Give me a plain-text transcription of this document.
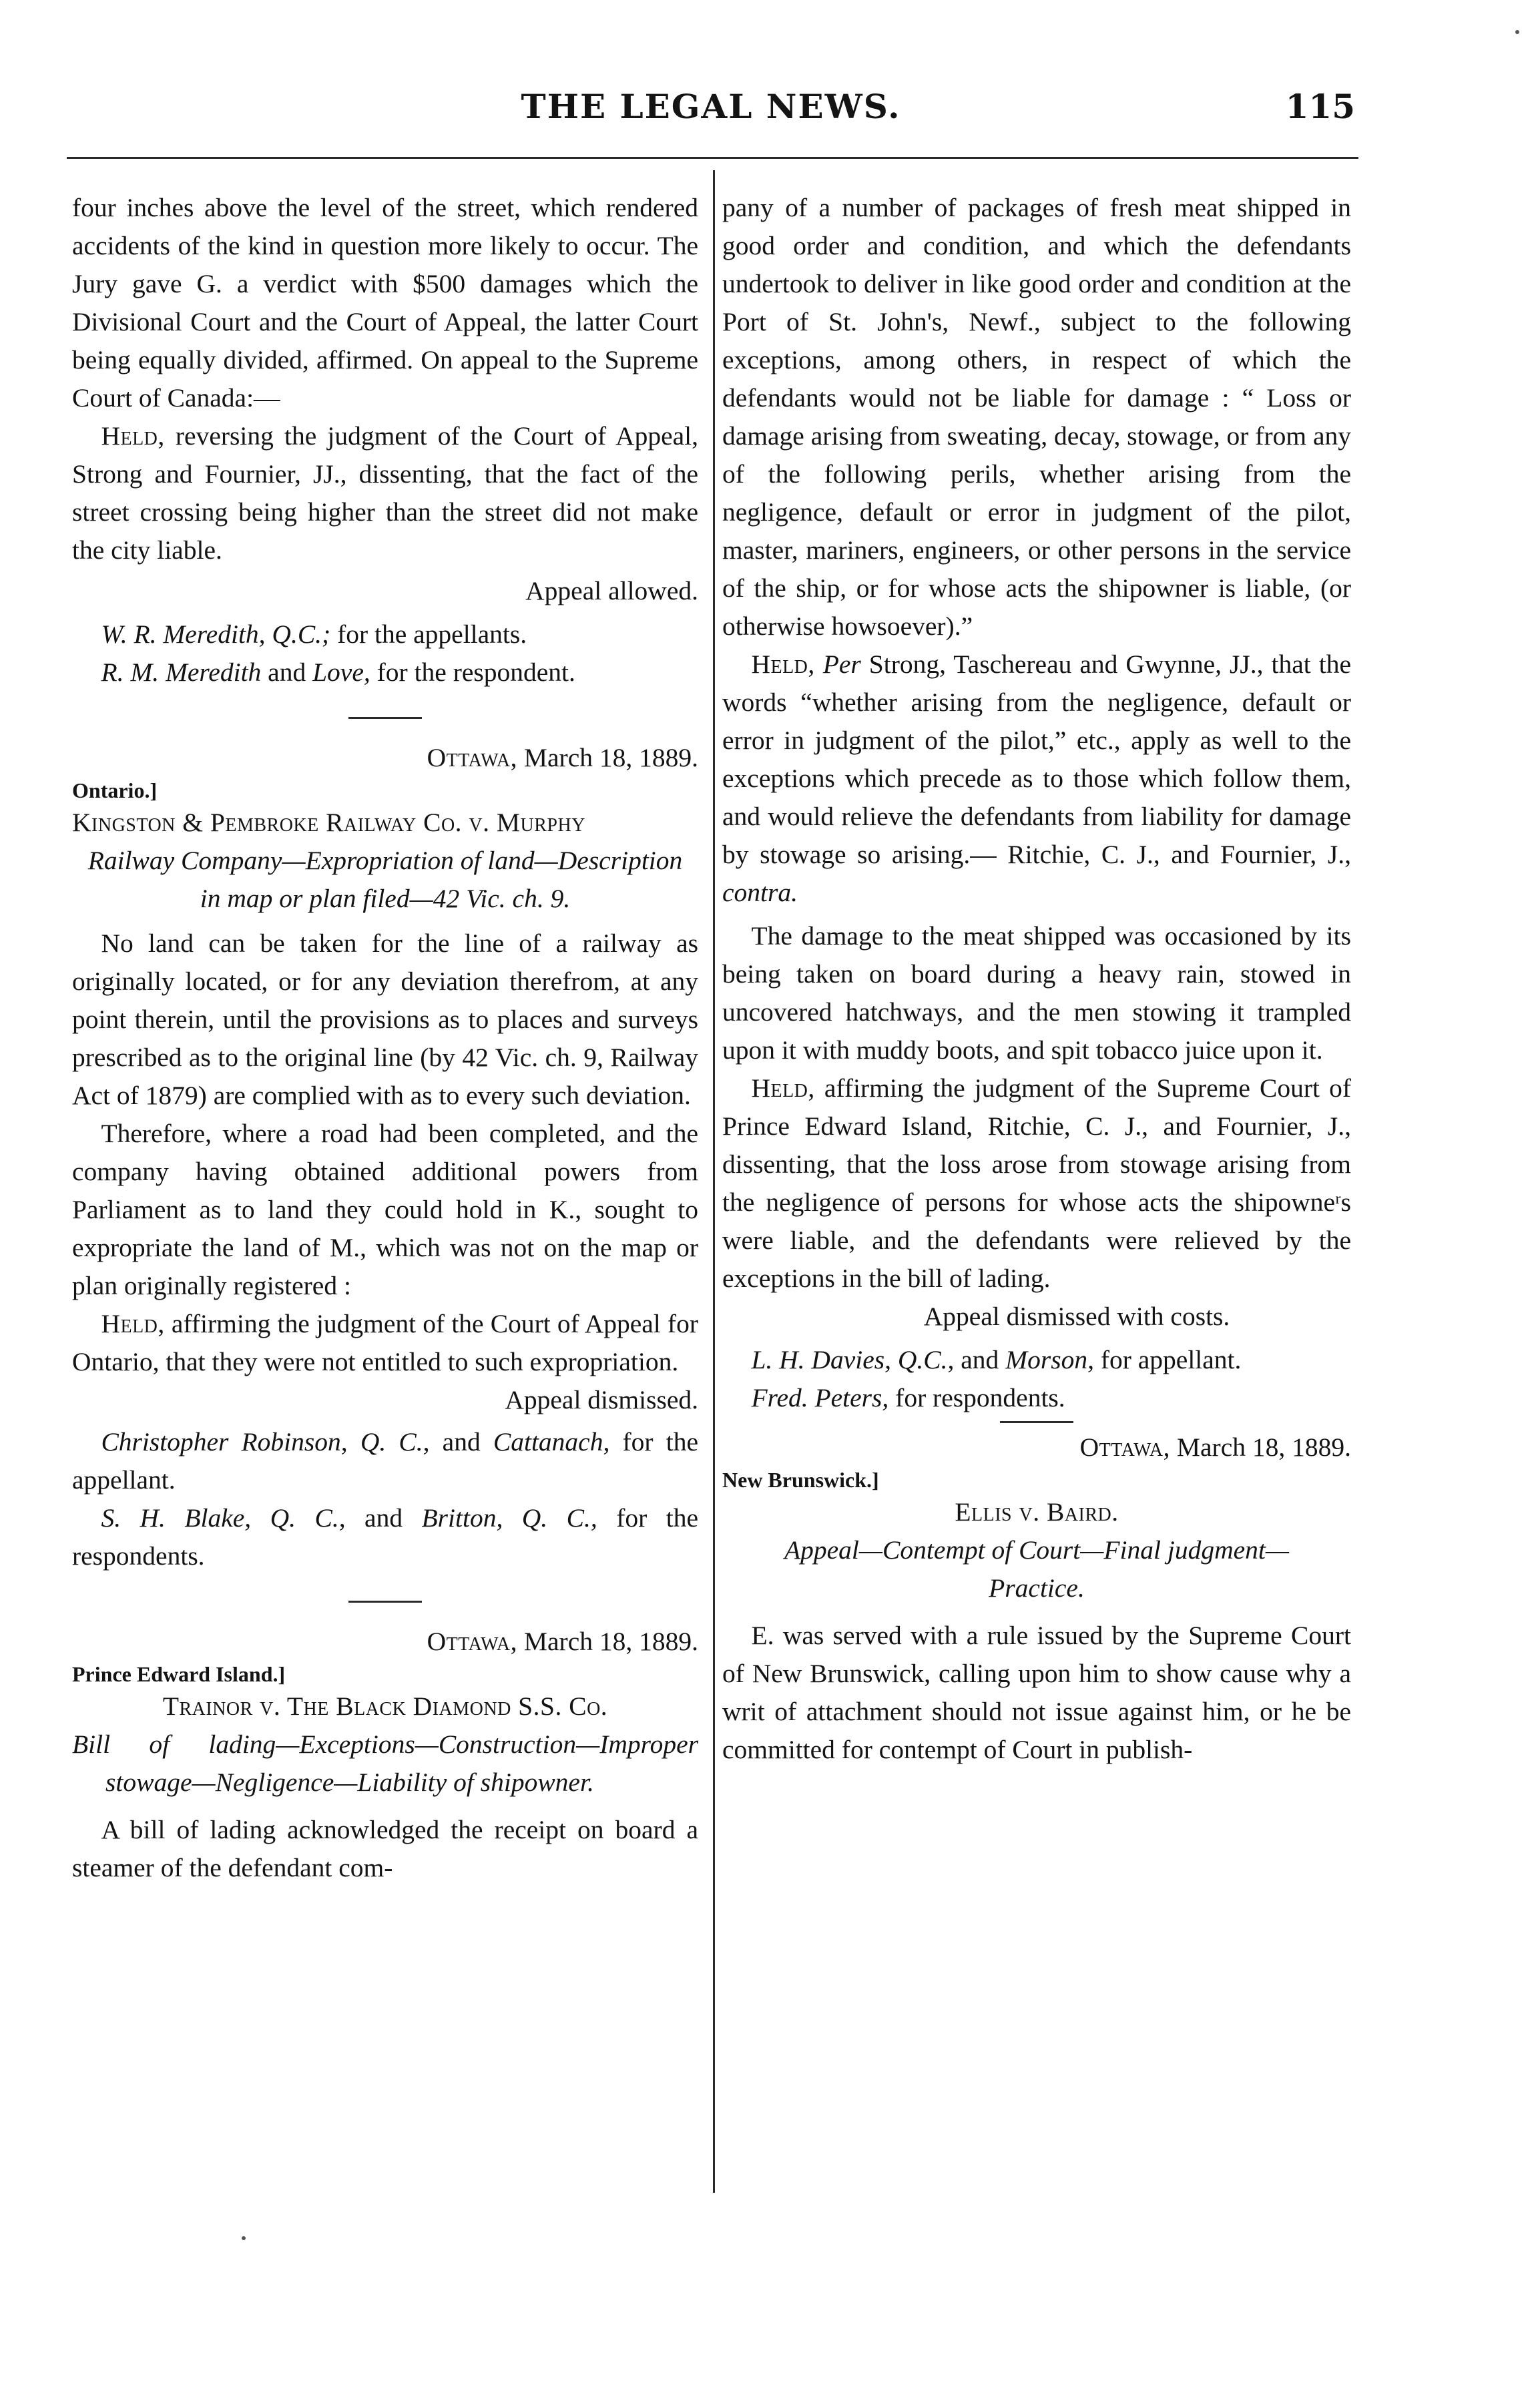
THE LEGAL NEWS.	115

four inches above the level of the street, which rendered accidents of the kind in question more likely to occur. The Jury gave G. a verdict with $500 damages which the Divisional Court and the Court of Appeal, the latter Court being equally divided, affirmed. On appeal to the Supreme Court of Canada:—

Held, reversing the judgment of the Court of Appeal, Strong and Fournier, JJ., dissenting, that the fact of the street crossing being higher than the street did not make the city liable.

Appeal allowed.

W. R. Meredith, Q.C.; for the appellants.

R. M. Meredith and Love, for the respondent.

Ottawa, March 18, 1889.

Ontario.]

Kingston & Pembroke Railway Co. v. Murphy

Railway Company—Expropriation of land—Description in map or plan filed—42 Vic. ch. 9.

No land can be taken for the line of a railway as originally located, or for any deviation therefrom, at any point therein, until the provisions as to places and surveys prescribed as to the original line (by 42 Vic. ch. 9, Railway Act of 1879) are complied with as to every such deviation.

Therefore, where a road had been completed, and the company having obtained additional powers from Parliament as to land they could hold in K., sought to expropriate the land of M., which was not on the map or plan originally registered :

Held, affirming the judgment of the Court of Appeal for Ontario, that they were not entitled to such expropriation.

Appeal dismissed.

Christopher Robinson, Q. C., and Cattanach, for the appellant.

S. H. Blake, Q. C., and Britton, Q. C., for the respondents.

Ottawa, March 18, 1889.

Prince Edward Island.]

Trainor v. The Black Diamond S.S. Co.

Bill of lading—Exceptions—Construction—Improper stowage—Negligence—Liability of shipowner.

A bill of lading acknowledged the receipt on board a steamer of the defendant com-

pany of a number of packages of fresh meat shipped in good order and condition, and which the defendants undertook to deliver in like good order and condition at the Port of St. John's, Newf., subject to the following exceptions, among others, in respect of which the defendants would not be liable for damage : “ Loss or damage arising from sweating, decay, stowage, or from any of the following perils, whether arising from the negligence, default or error in judgment of the pilot, master, mariners, engineers, or other persons in the service of the ship, or for whose acts the shipowner is liable, (or otherwise howsoever).”

Held, Per Strong, Taschereau and Gwynne, JJ., that the words “whether arising from the negligence, default or error in judgment of the pilot,” etc., apply as well to the exceptions which precede as to those which follow them, and would relieve the defendants from liability for damage by stowage so arising.— Ritchie, C. J., and Fournier, J., contra.

The damage to the meat shipped was occasioned by its being taken on board during a heavy rain, stowed in uncovered hatchways, and the men stowing it trampled upon it with muddy boots, and spit tobacco juice upon it.

Held, affirming the judgment of the Supreme Court of Prince Edward Island, Ritchie, C. J., and Fournier, J., dissenting, that the loss arose from stowage arising from the negligence of persons for whose acts the shipowneʳs were liable, and the defendants were relieved by the exceptions in the bill of lading.

Appeal dismissed with costs.

L. H. Davies, Q.C., and Morson, for appellant.

Fred. Peters, for respondents.

Ottawa, March 18, 1889.

New Brunswick.]

Ellis v. Baird.

Appeal—Contempt of Court—Final judgment—Practice.

E. was served with a rule issued by the Supreme Court of New Brunswick, calling upon him to show cause why a writ of attachment should not issue against him, or he be committed for contempt of Court in publish-
